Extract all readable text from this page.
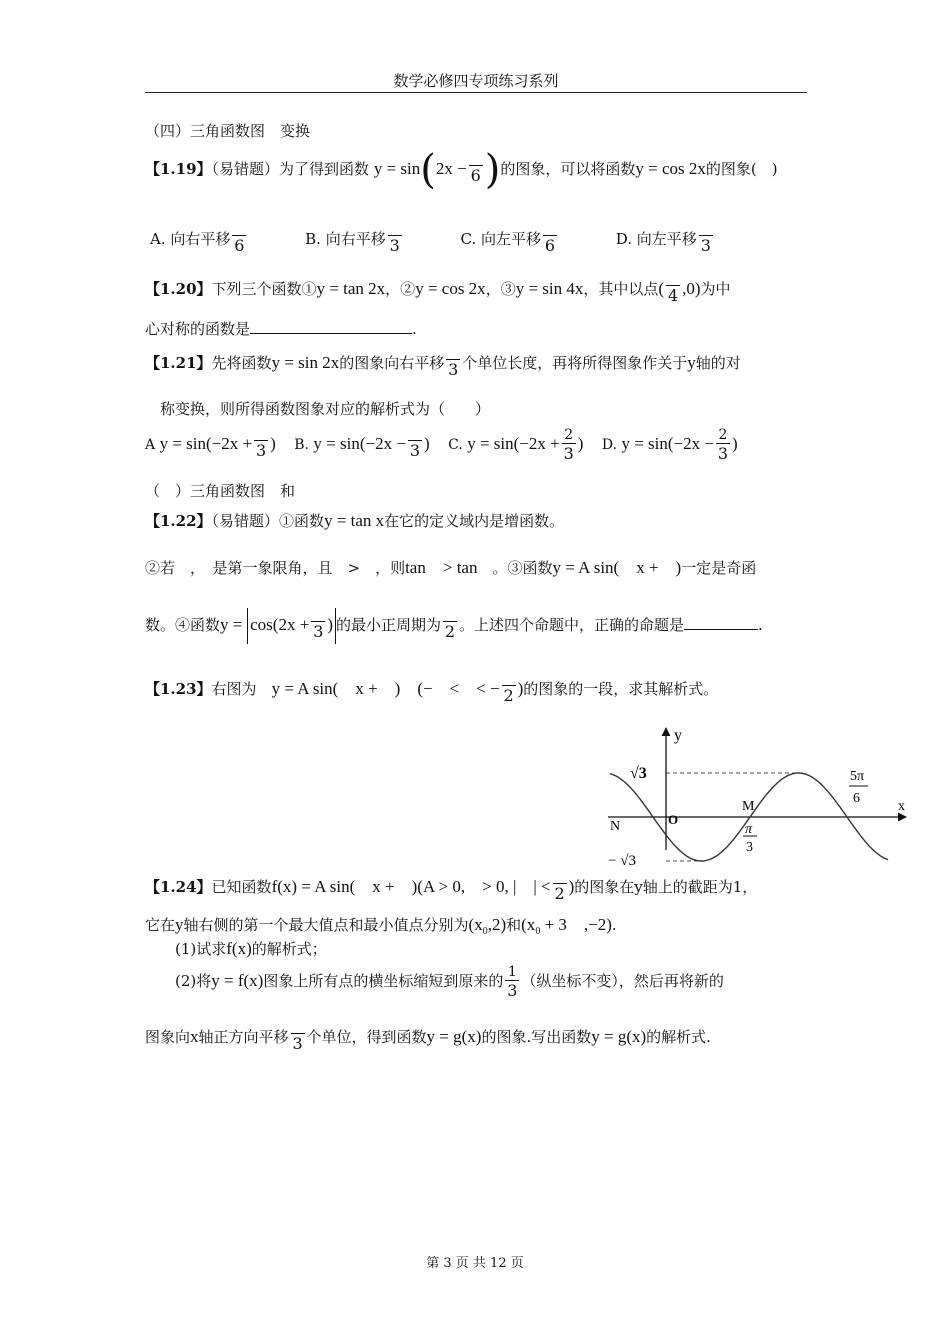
数学必修四专项练习系列
（四）三角函数图　变换
【1.19】（易错题）为了得到函数 y = sin(2x − 6 )的图象，可以将函数y = cos 2x的图象(　)
A. 向右平移 6	B. 向右平移 3	C. 向左平移 6	D. 向左平移 3
【1.20】下列三个函数①y = tan 2x，②y = cos 2x，③y = sin 4x，其中以点( 4 ,0)为中
心对称的函数是	.
【1.21】先将函数y = sin 2x的图象向右平移 3 个单位长度，再将所得图象作关于y轴的对
称变换，则所得函数图象对应的解析式为（　　）
A y = sin(−2x + 3 ) B. y = sin(−2x − 3 ) C. $y = \sin(-2x + \frac{2}{3}$ ) D. $y = \sin(-2x - \frac{2}{3}$ )
（　）三角函数图　和
【1.22】（易错题）①函数y = tan x在它的定义域内是增函数。
②若　，　是第一象限角，且　>　，则tan　> tan　。③函数y = A sin(　x +　)一定是奇函
数。④函数y = cos(2x + 3 ) 的最小正周期为 2 。上述四个命题中，正确的命题是	.
【1.23】右图为　 y = A sin(　x +　)　(−　<　< − 2 )的图象的一段，求其解析式。
y
x
O
√3
− √3
M
N	π
3
5π
6
【1.24】已知函数f(x) = A sin(　x +　)(A > 0,　> 0, |　| < 2 )的图象在y轴上的截距为1，
它在y轴右侧的第一个最大值点和最小值点分别为$(x_0,2)$和($x_0 + 3$　,−2).
(1)试求f(x)的解析式；
(2)将y = f(x)图象上所有点的横坐标缩短到原来的 $\frac{1}{3}$ （纵坐标不变），然后再将新的
图象向x轴正方向平移 3 个单位，得到函数y = g(x)的图象.写出函数y = g(x)的解析式.
第 3 页 共 12 页
